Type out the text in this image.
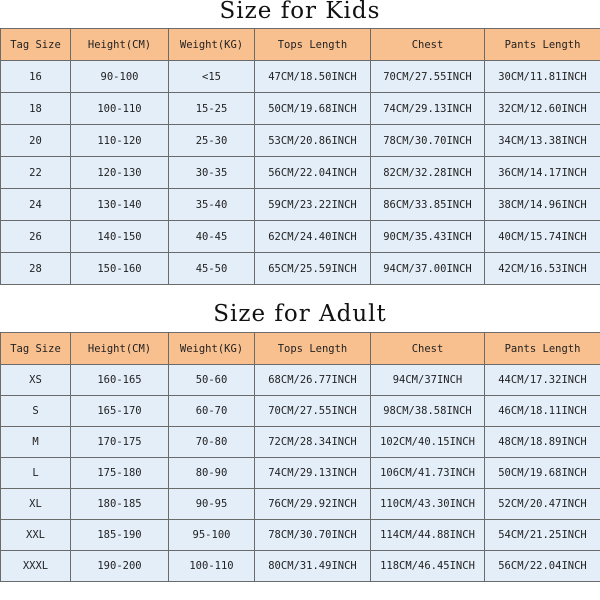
Size for Kids
Tag Size	Height(CM)	Weight(KG)	Tops Length	Chest	Pants Length
16	90-100	<15	47CM/18.50INCH	70CM/27.55INCH	30CM/11.81INCH
18	100-110	15-25	50CM/19.68INCH	74CM/29.13INCH	32CM/12.60INCH
20	110-120	25-30	53CM/20.86INCH	78CM/30.70INCH	34CM/13.38INCH
22	120-130	30-35	56CM/22.04INCH	82CM/32.28INCH	36CM/14.17INCH
24	130-140	35-40	59CM/23.22INCH	86CM/33.85INCH	38CM/14.96INCH
26	140-150	40-45	62CM/24.40INCH	90CM/35.43INCH	40CM/15.74INCH
28	150-160	45-50	65CM/25.59INCH	94CM/37.00INCH	42CM/16.53INCH
Size for Adult
Tag Size	Height(CM)	Weight(KG)	Tops Length	Chest	Pants Length
XS	160-165	50-60	68CM/26.77INCH	94CM/37INCH	44CM/17.32INCH
S	165-170	60-70	70CM/27.55INCH	98CM/38.58INCH	46CM/18.11INCH
M	170-175	70-80	72CM/28.34INCH	102CM/40.15INCH	48CM/18.89INCH
L	175-180	80-90	74CM/29.13INCH	106CM/41.73INCH	50CM/19.68INCH
XL	180-185	90-95	76CM/29.92INCH	110CM/43.30INCH	52CM/20.47INCH
XXL	185-190	95-100	78CM/30.70INCH	114CM/44.88INCH	54CM/21.25INCH
XXXL	190-200	100-110	80CM/31.49INCH	118CM/46.45INCH	56CM/22.04INCH
